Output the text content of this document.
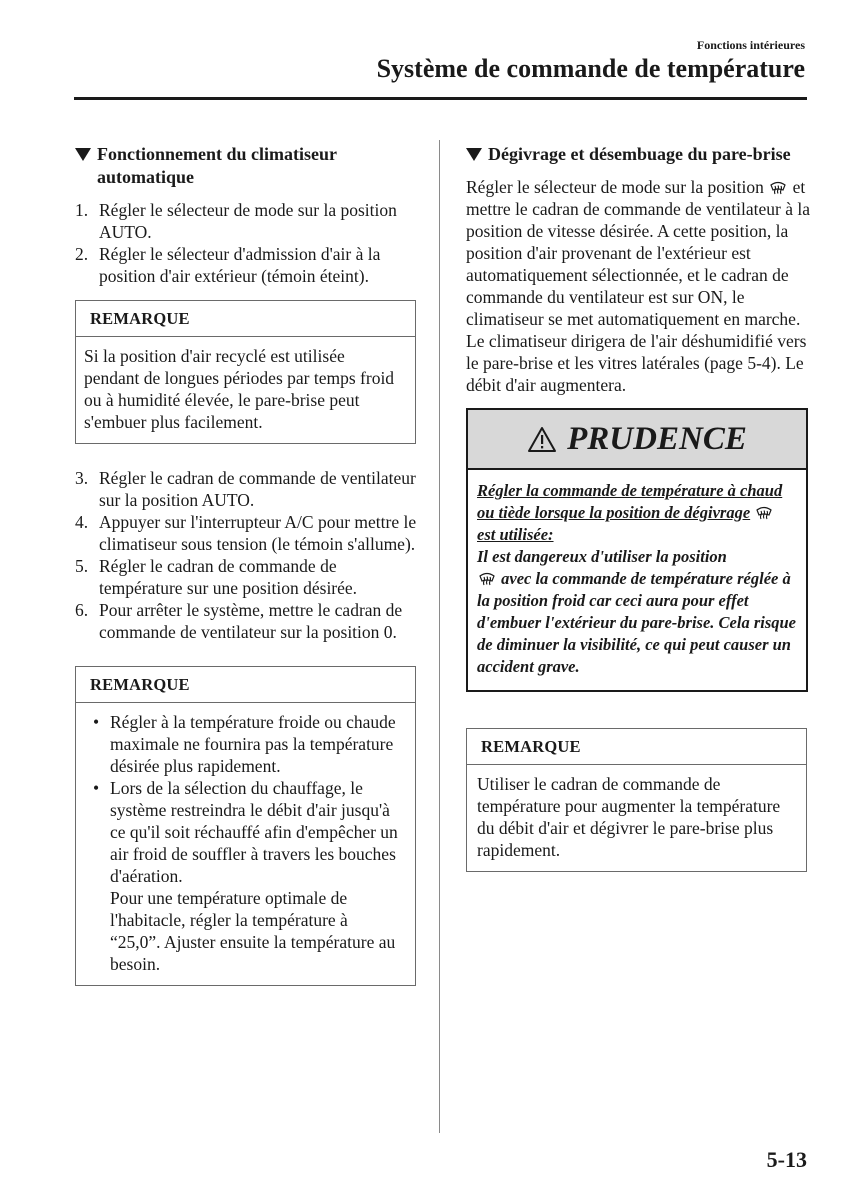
Fonctions intérieures
Système de commande de température
Fonctionnement du climatiseur automatique
1. Régler le sélecteur de mode sur la position AUTO.
2. Régler le sélecteur d'admission d'air à la position d'air extérieur (témoin éteint).
REMARQUE
Si la position d'air recyclé est utilisée pendant de longues périodes par temps froid ou à humidité élevée, le pare-brise peut s'embuer plus facilement.
3. Régler le cadran de commande de ventilateur sur la position AUTO.
4. Appuyer sur l'interrupteur A/C pour mettre le climatiseur sous tension (le témoin s'allume).
5. Régler le cadran de commande de température sur une position désirée.
6. Pour arrêter le système, mettre le cadran de commande de ventilateur sur la position 0.
REMARQUE
• Régler à la température froide ou chaude maximale ne fournira pas la température désirée plus rapidement.
• Lors de la sélection du chauffage, le système restreindra le débit d'air jusqu'à ce qu'il soit réchauffé afin d'empêcher un air froid de souffler à travers les bouches d'aération.
Pour une température optimale de l'habitacle, régler la température à “25,0”. Ajuster ensuite la température au besoin.
Dégivrage et désembuage du pare-brise

Régler le sélecteur de mode sur la position et mettre le cadran de commande de ventilateur à la position de vitesse désirée. A cette position, la position d'air provenant de l'extérieur est automatiquement sélectionnée, et le cadran de commande du ventilateur est sur ON, le climatiseur se met automatiquement en marche. Le climatiseur dirigera de l'air déshumidifié vers le pare-brise et les vitres latérales (page 5-4). Le débit d'air augmentera.

PRUDENCE
Régler la commande de température à chaud ou tiède lorsque la position de dégivrage  est utilisée:
Il est dangereux d'utiliser la position
avec la commande de température réglée à la position froid car ceci aura pour effet d'embuer l'extérieur du pare-brise. Cela risque de diminuer la visibilité, ce qui peut causer un accident grave.
REMARQUE
Utiliser le cadran de commande de température pour augmenter la température du débit d'air et dégivrer le pare-brise plus rapidement.
5-13
